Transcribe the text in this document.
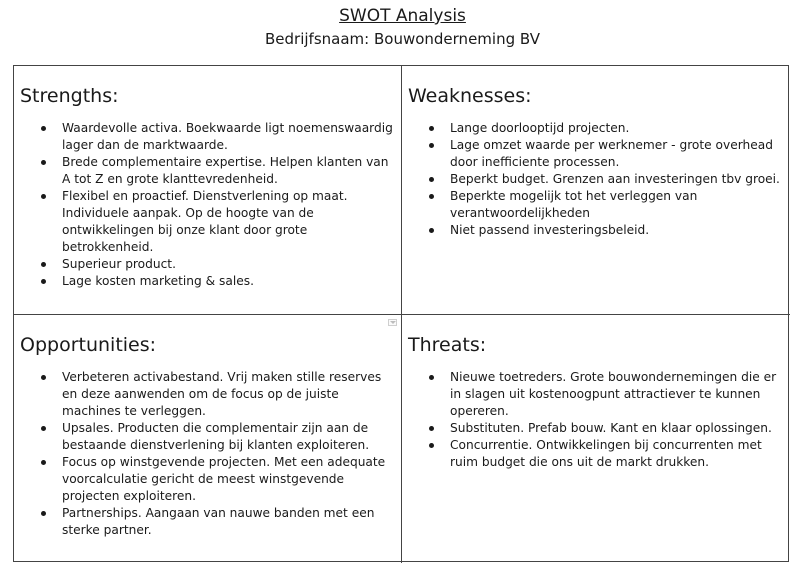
SWOT Analysis
Bedrijfsnaam: Bouwonderneming BV
Strengths:
Waardevolle activa. Boekwaarde ligt noemenswaardig lager dan de marktwaarde.
Brede complementaire expertise. Helpen klanten van A tot Z en grote klanttevredenheid.
Flexibel en proactief. Dienstverlening op maat. Individuele aanpak. Op de hoogte van de ontwikkelingen bij onze klant door grote betrokkenheid.
Superieur product.
Lage kosten marketing & sales.
Weaknesses:
Lange doorlooptijd projecten.
Lage omzet waarde per werknemer - grote overhead door inefficiente processen.
Beperkt budget. Grenzen aan investeringen tbv groei.
Beperkte mogelijk tot het verleggen van verantwoordelijkheden
Niet passend investeringsbeleid.
Opportunities:
Verbeteren activabestand. Vrij maken stille reserves en deze aanwenden om de focus op de juiste machines te verleggen.
Upsales. Producten die complementair zijn aan de bestaande dienstverlening bij klanten exploiteren.
Focus op winstgevende projecten. Met een adequate voorcalculatie gericht de meest winstgevende projecten exploiteren.
Partnerships. Aangaan van nauwe banden met een sterke partner.
Threats:
Nieuwe toetreders. Grote bouwondernemingen die er in slagen uit kostenoogpunt attractiever te kunnen opereren.
Substituten. Prefab bouw. Kant en klaar oplossingen.
Concurrentie. Ontwikkelingen bij concurrenten met ruim budget die ons uit de markt drukken.
